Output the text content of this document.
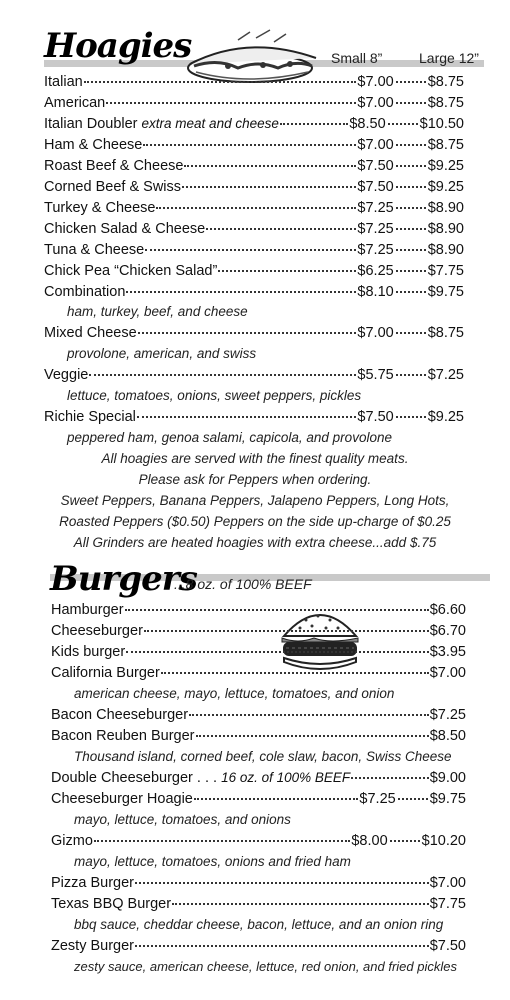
Hoagies	Small 8”	Large 12”
Italian	$7.00 $8.75
American	$7.00 $8.75
Italian Doubler extra meat and cheese	$8.50 $10.50
Ham & Cheese	$7.00 $8.75
Roast Beef & Cheese	$7.50 $9.25
Corned Beef & Swiss	$7.50 $9.25
Turkey & Cheese	$7.25 $8.90
Chicken Salad & Cheese	$7.25 $8.90
Tuna & Cheese	$7.25 $8.90
Chick Pea “Chicken Salad”	$6.25 $7.75
Combination	$8.10 $9.75
Mixed Cheese	$7.00 $8.75
Veggie	$5.75 $7.25
Richie Special	$7.50 $9.25
ham, turkey, beef, and cheese
provolone, american, and swiss
lettuce, tomatoes, onions, sweet peppers, pickles
peppered ham, genoa salami, capicola, and provolone
All hoagies are served with the finest quality meats.
Please ask for Peppers when ordering.
Sweet Peppers, Banana Peppers, Jalapeno Peppers, Long Hots,
Roasted Peppers ($0.50) Peppers on the side up-charge of $0.25
All Grinders are heated hoagies with extra cheese...add $.75
Burgers
...8 oz. of 100% BEEF
Hamburger	$6.60
Cheeseburger	$6.70
Kids burger	$3.95
California Burger	$7.00
Bacon Cheeseburger	$7.25
Bacon Reuben Burger	$8.50
Double Cheeseburger . . . 16 oz. of 100% BEEF	$9.00
Cheeseburger Hoagie	$7.25 $9.75
Gizmo	$8.00 $10.20
Pizza Burger	$7.00
Texas BBQ Burger	$7.75
Zesty Burger	$7.50
american cheese, mayo, lettuce, tomatoes, and onion
Thousand island, corned beef, cole slaw, bacon, Swiss Cheese
mayo, lettuce, tomatoes, and onions
mayo, lettuce, tomatoes, onions and fried ham
bbq sauce, cheddar cheese, bacon, lettuce, and an onion ring
zesty sauce, american cheese, lettuce, red onion, and fried pickles
